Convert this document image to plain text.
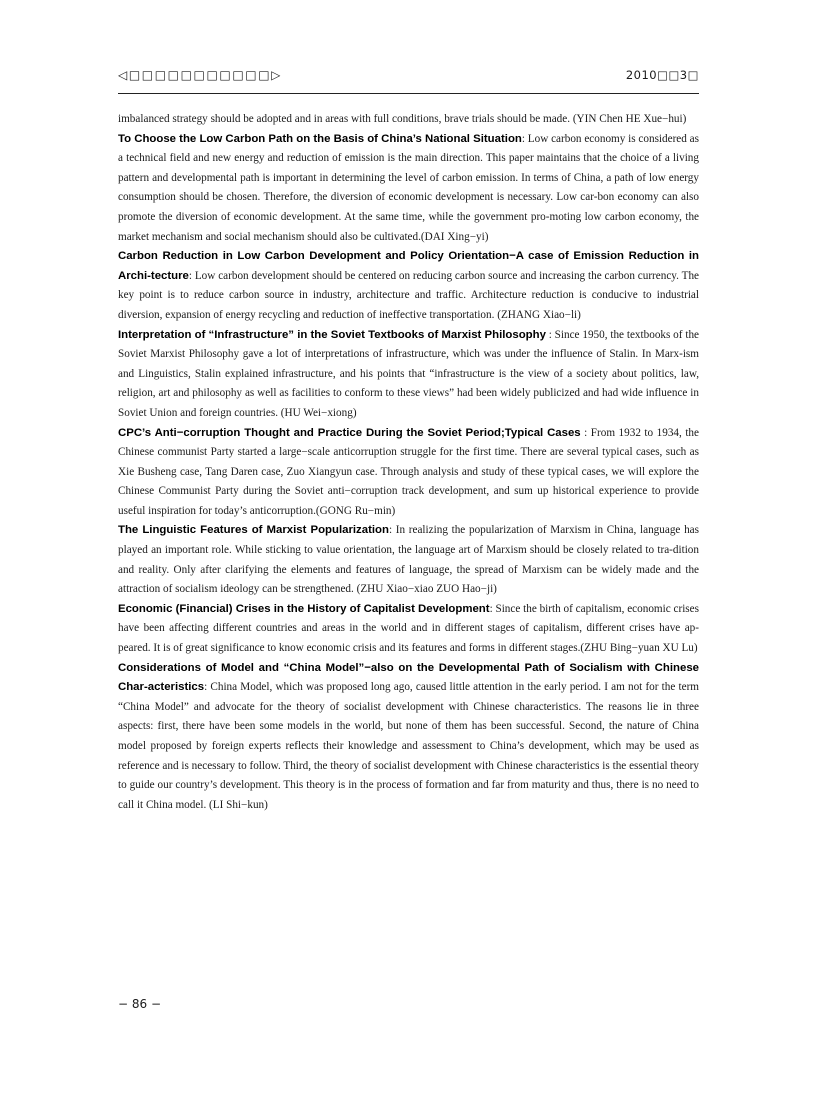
◁□□□□□□□□□□□▷	2010□□3□

imbalanced strategy should be adopted and in areas with full conditions, brave trials should be made. (YIN Chen HE Xue−hui)

To Choose the Low Carbon Path on the Basis of China’s National Situation: Low carbon economy is considered as a technical field and new energy and reduction of emission is the main direction. This paper maintains that the choice of a living pattern and developmental path is important in determining the level of carbon emission. In terms of China, a path of low energy consumption should be chosen. Therefore, the diversion of economic development is necessary. Low car-bon economy can also promote the diversion of economic development. At the same time, while the government pro-moting low carbon economy, the market mechanism and social mechanism should also be cultivated.(DAI Xing−yi)

Carbon Reduction in Low Carbon Development and Policy Orientation−A case of Emission Reduction in Archi-tecture: Low carbon development should be centered on reducing carbon source and increasing the carbon currency. The key point is to reduce carbon source in industry, architecture and traffic. Architecture reduction is conducive to industrial diversion, expansion of energy recycling and reduction of ineffective transportation. (ZHANG Xiao−li)

Interpretation of “Infrastructure” in the Soviet Textbooks of Marxist Philosophy : Since 1950, the textbooks of the Soviet Marxist Philosophy gave a lot of interpretations of infrastructure, which was under the influence of Stalin. In Marx-ism and Linguistics, Stalin explained infrastructure, and his points that “infrastructure is the view of a society about politics, law, religion, art and philosophy as well as facilities to conform to these views” had been widely publicized and had wide influence in Soviet Union and foreign countries. (HU Wei−xiong)

CPC’s Anti−corruption Thought and Practice During the Soviet Period;Typical Cases : From 1932 to 1934, the Chinese communist Party started a large−scale anticorruption struggle for the first time. There are several typical cases, such as Xie Busheng case, Tang Daren case, Zuo Xiangyun case. Through analysis and study of these typical cases, we will explore the Chinese Communist Party during the Soviet anti−corruption track development, and sum up historical experience to provide useful inspiration for today’s anticorruption.(GONG Ru−min)

The Linguistic Features of Marxist Popularization: In realizing the popularization of Marxism in China, language has played an important role. While sticking to value orientation, the language art of Marxism should be closely related to tra-dition and reality. Only after clarifying the elements and features of language, the spread of Marxism can be widely made and the attraction of socialism ideology can be strengthened. (ZHU Xiao−xiao ZUO Hao−ji)

Economic (Financial) Crises in the History of Capitalist Development: Since the birth of capitalism, economic crises have been affecting different countries and areas in the world and in different stages of capitalism, different crises have ap-peared. It is of great significance to know economic crisis and its features and forms in different stages.(ZHU Bing−yuan XU Lu)

Considerations of Model and “China Model”−also on the Developmental Path of Socialism with Chinese Char-acteristics: China Model, which was proposed long ago, caused little attention in the early period. I am not for the term “China Model” and advocate for the theory of socialist development with Chinese characteristics. The reasons lie in three aspects: first, there have been some models in the world, but none of them has been successful. Second, the nature of China model proposed by foreign experts reflects their knowledge and assessment to China’s development, which may be used as reference and is necessary to follow. Third, the theory of socialist development with Chinese characteristics is the essential theory to guide our country’s development. This theory is in the process of formation and far from maturity and thus, there is no need to call it China model. (LI Shi−kun)

− 86 −
